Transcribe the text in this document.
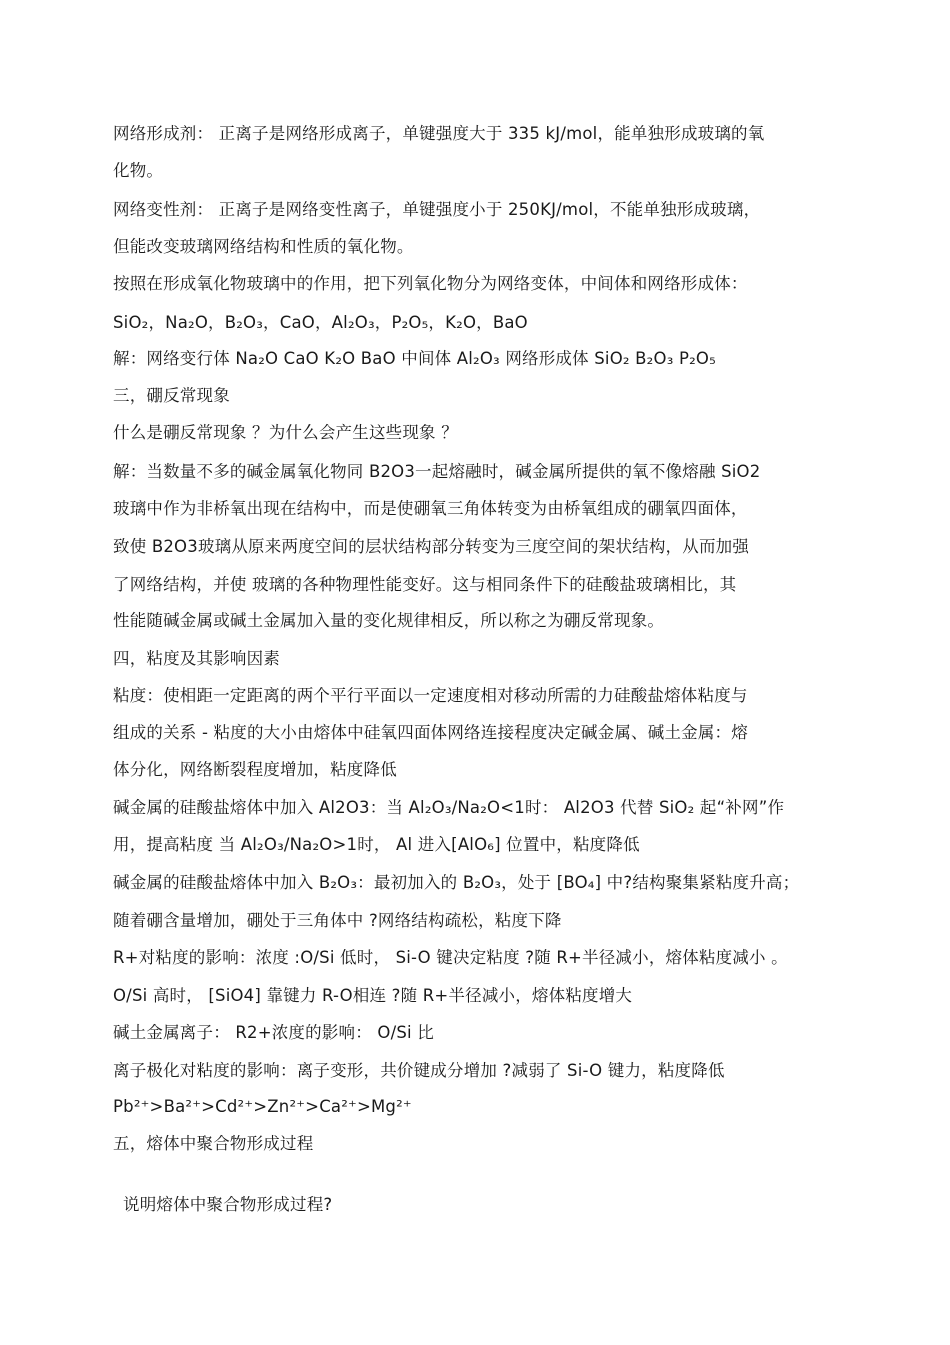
网络形成剂： 正离子是网络形成离子，单键强度大于 335 kJ/mol，能单独形成玻璃的氧
化物。
网络变性剂： 正离子是网络变性离子，单键强度小于 250KJ/mol，不能单独形成玻璃，
但能改变玻璃网络结构和性质的氧化物。
按照在形成氧化物玻璃中的作用，把下列氧化物分为网络变体，中间体和网络形成体：
SiO₂，Na₂O，B₂O₃，CaO，Al₂O₃，P₂O₅，K₂O，BaO
解：网络变行体 Na₂O CaO K₂O BaO 中间体 Al₂O₃ 网络形成体 SiO₂ B₂O₃ P₂O₅
三，硼反常现象
什么是硼反常现象 ？为什么会产生这些现象 ？
解：当数量不多的碱金属氧化物同 B2O3一起熔融时，碱金属所提供的氧不像熔融 SiO2
玻璃中作为非桥氧出现在结构中，而是使硼氧三角体转变为由桥氧组成的硼氧四面体，
致使 B2O3玻璃从原来两度空间的层状结构部分转变为三度空间的架状结构，从而加强
了网络结构，并使 玻璃的各种物理性能变好。这与相同条件下的硅酸盐玻璃相比，其
性能随碱金属或碱土金属加入量的变化规律相反，所以称之为硼反常现象。
四，粘度及其影响因素
粘度：使相距一定距离的两个平行平面以一定速度相对移动所需的力硅酸盐熔体粘度与
组成的关系 - 粘度的大小由熔体中硅氧四面体网络连接程度决定碱金属、碱土金属：熔
体分化，网络断裂程度增加，粘度降低
碱金属的硅酸盐熔体中加入 Al2O3：当 Al₂O₃/Na₂O<1时： Al2O3 代替 SiO₂ 起“补网”作
用，提高粘度 当 Al₂O₃/Na₂O>1时， Al 进入[AlO₆] 位置中，粘度降低
碱金属的硅酸盐熔体中加入 B₂O₃：最初加入的 B₂O₃，处于 [BO₄] 中?结构聚集紧粘度升高；
随着硼含量增加，硼处于三角体中 ?网络结构疏松，粘度下降
R+对粘度的影响：浓度 :O/Si 低时， Si-O 键决定粘度 ?随 R+半径减小，熔体粘度减小 。
O/Si 高时， [SiO4] 靠键力 R-O相连 ?随 R+半径减小，熔体粘度增大
碱土金属离子： R2+浓度的影响： O/Si 比
离子极化对粘度的影响：离子变形，共价键成分增加 ?减弱了 Si-O 键力，粘度降低
Pb²⁺>Ba²⁺>Cd²⁺>Zn²⁺>Ca²⁺>Mg²⁺
五，熔体中聚合物形成过程
说明熔体中聚合物形成过程?
